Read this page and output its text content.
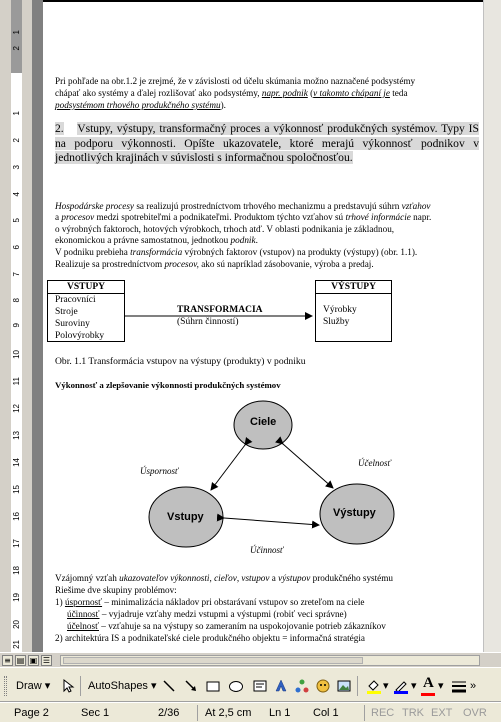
1
2
1
2
3
4
5
6
7
8
9
10
11
12
13
14
15
16
17
18
19
20
21
Pri pohľade na obr.1.2 je zrejmé, že v závislosti od účelu skúmania možno naznačené podsystémy
chápať ako systémy a ďalej rozlišovať ako podsystémy, napr. podnik (v takomto chápaní je teda
podsystémom trhového produkčného systému).
2. Vstupy, výstupy, transformačný proces a výkonnosť produkčných systémov. Typy IS na podporu výkonnosti. Opíšte ukazovatele, ktoré merajú výkonnosť podnikov v jednotlivých krajinách v súvislosti s informačnou spoločnosťou.
Hospodárske procesy sa realizujú prostredníctvom trhového mechanizmu a predstavujú súhrn vzťahov
a procesov medzi spotrebiteľmi a podnikateľmi. Produktom týchto vzťahov sú trhové informácie napr.
o výrobných faktoroch, hotových výrobkoch, trhoch atď. V oblasti podnikania je základnou,
ekonomickou a právne samostatnou, jednotkou podnik.
V podniku prebieha transformácia výrobných faktorov (vstupov) na produkty (výstupy) (obr. 1.1).
Realizuje sa prostredníctvom procesov, ako sú napríklad zásobovanie, výroba a predaj.
VSTUPY
Pracovníci
Stroje
Suroviny
Polovýrobky
TRANSFORMACIA
(Súhrn činností)
VÝSTUPY
Výrobky
Služby
Obr. 1.1 Transformácia vstupov na výstupy (produkty) v podniku
Výkonnosť a zlepšovanie výkonnosti produkčných systémov
Ciele
Vstupy	Výstupy
Úspornosť
Účelnosť
Účinnosť
Vzájomný vzťah ukazovateľov výkonnosti, cieľov, vstupov a výstupov produkčného systému
Riešime dve skupiny problémov:
1) úspornosť – minimalizácia nákladov pri obstarávaní vstupov so zreteľom na ciele
účinnosť – vyjadruje vzťahy medzi vstupmi a výstupmi (robiť veci správne)
účelnosť – vzťahuje sa na výstupy so zameraním na uspokojovanie potrieb zákazníkov
2) architektúra IS a podnikateľské ciele produkčného objektu = informačná stratégia
≡ ▤ ▣ ☰
Draw ▾	AutoShapes ▾	▾ ▾ A ▾ »
Page 2	Sec 1	2/36 At 2,5 cm Ln 1 Col 1	REC TRK EXT OVR
